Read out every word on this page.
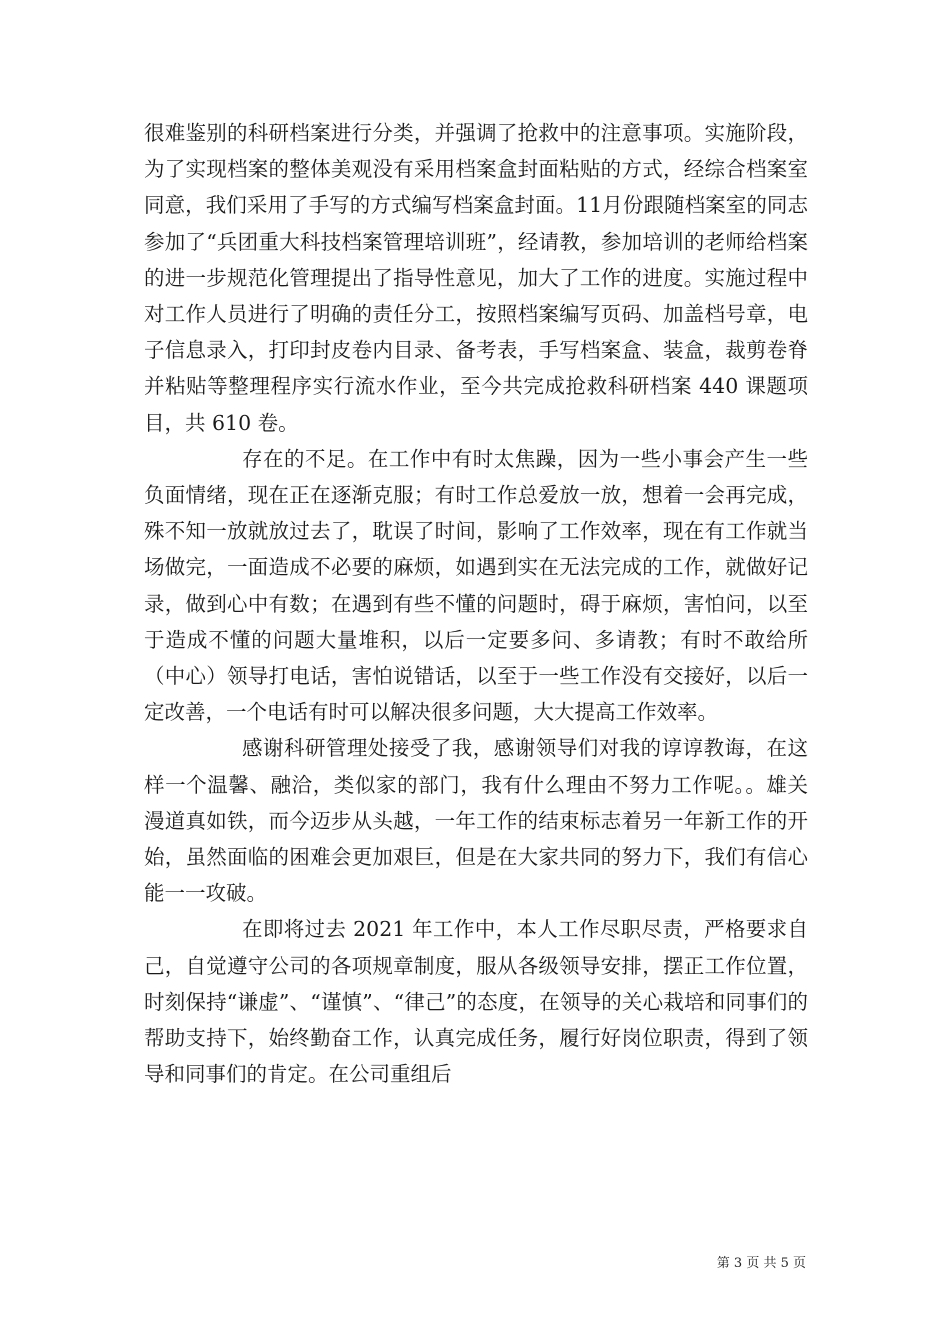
很难鉴别的科研档案进行分类，并强调了抢救中的注意事项。实施阶段，为了实现档案的整体美观没有采用档案盒封面粘贴的方式，经综合档案室同意，我们采用了手写的方式编写档案盒封面。11月份跟随档案室的同志参加了“兵团重大科技档案管理培训班”，经请教，参加培训的老师给档案的进一步规范化管理提出了指导性意见，加大了工作的进度。实施过程中对工作人员进行了明确的责任分工，按照档案编写页码、加盖档号章，电子信息录入，打印封皮卷内目录、备考表，手写档案盒、装盒，裁剪卷脊并粘贴等整理程序实行流水作业，至今共完成抢救科研档案 440 课题项目，共 610 卷。

存在的不足。在工作中有时太焦躁，因为一些小事会产生一些负面情绪，现在正在逐渐克服；有时工作总爱放一放，想着一会再完成，殊不知一放就放过去了，耽误了时间，影响了工作效率，现在有工作就当场做完，一面造成不必要的麻烦，如遇到实在无法完成的工作，就做好记录，做到心中有数；在遇到有些不懂的问题时，碍于麻烦，害怕问，以至于造成不懂的问题大量堆积，以后一定要多问、多请教；有时不敢给所（中心）领导打电话，害怕说错话，以至于一些工作没有交接好，以后一定改善，一个电话有时可以解决很多问题，大大提高工作效率。

感谢科研管理处接受了我，感谢领导们对我的谆谆教诲，在这样一个温馨、融洽，类似家的部门，我有什么理由不努力工作呢。。雄关漫道真如铁，而今迈步从头越，一年工作的结束标志着另一年新工作的开始，虽然面临的困难会更加艰巨，但是在大家共同的努力下，我们有信心能一一攻破。

在即将过去 2021 年工作中，本人工作尽职尽责，严格要求自己，自觉遵守公司的各项规章制度，服从各级领导安排，摆正工作位置，时刻保持“谦虚”、“谨慎”、“律己”的态度，在领导的关心栽培和同事们的帮助支持下，始终勤奋工作，认真完成任务，履行好岗位职责，得到了领导和同事们的肯定。在公司重组后

第 3 页 共 5 页
